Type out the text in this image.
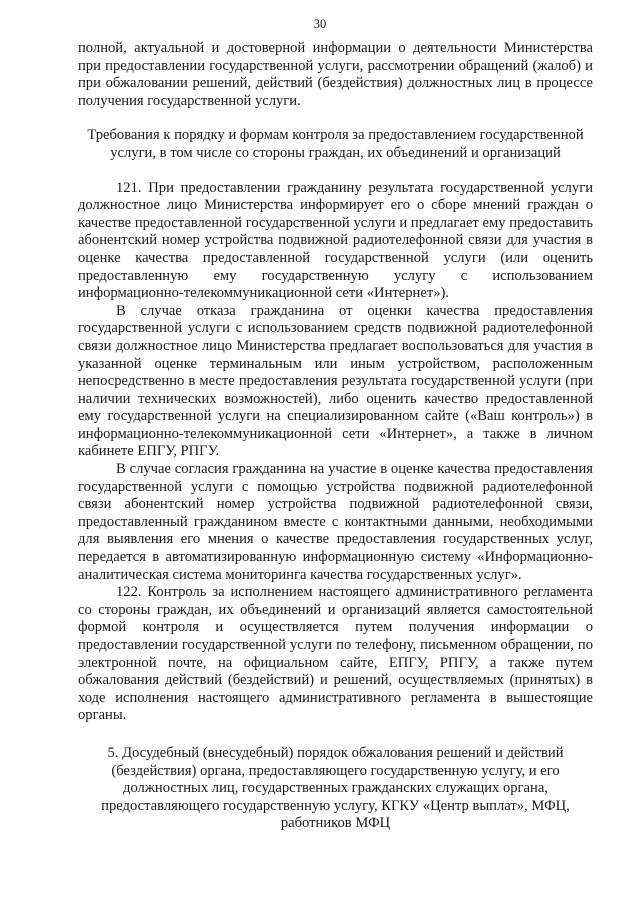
30

полной, актуальной и достоверной информации о деятельности Министерства при предоставлении государственной услуги, рассмотрении обращений (жалоб) и при обжаловании решений, действий (бездействия) должностных лиц в процессе получения государственной услуги.

Требования к порядку и формам контроля за предоставлением государственной услуги, в том числе со стороны граждан, их объединений и организаций

121. При предоставлении гражданину результата государственной услуги должностное лицо Министерства информирует его о сборе мнений граждан о качестве предоставленной государственной услуги и предлагает ему предоставить абонентский номер устройства подвижной радиотелефонной связи для участия в оценке качества предоставленной государственной услуги (или оценить предоставленную ему государственную услугу с использованием информационно-телекоммуникационной сети «Интернет»).

В случае отказа гражданина от оценки качества предоставления государственной услуги с использованием средств подвижной радиотелефонной связи должностное лицо Министерства предлагает воспользоваться для участия в указанной оценке терминальным или иным устройством, расположенным непосредственно в месте предоставления результата государственной услуги (при наличии технических возможностей), либо оценить качество предоставленной ему государственной услуги на специализированном сайте («Ваш контроль») в информационно-телекоммуникационной сети «Интернет», а также в личном кабинете ЕПГУ, РПГУ.

В случае согласия гражданина на участие в оценке качества предоставления государственной услуги с помощью устройства подвижной радиотелефонной связи абонентский номер устройства подвижной радиотелефонной связи, предоставленный гражданином вместе с контактными данными, необходимыми для выявления его мнения о качестве предоставления государственных услуг, передается в автоматизированную информационную систему «Информационно-аналитическая система мониторинга качества государственных услуг».

122. Контроль за исполнением настоящего административного регламента со стороны граждан, их объединений и организаций является самостоятельной формой контроля и осуществляется путем получения информации о предоставлении государственной услуги по телефону, письменном обращении, по электронной почте, на официальном сайте, ЕПГУ, РПГУ, а также путем обжалования действий (бездействий) и решений, осуществляемых (принятых) в ходе исполнения настоящего административного регламента в вышестоящие органы.

5. Досудебный (внесудебный) порядок обжалования решений и действий (бездействия) органа, предоставляющего государственную услугу, и его должностных лиц, государственных гражданских служащих органа, предоставляющего государственную услугу, КГКУ «Центр выплат», МФЦ, работников МФЦ
